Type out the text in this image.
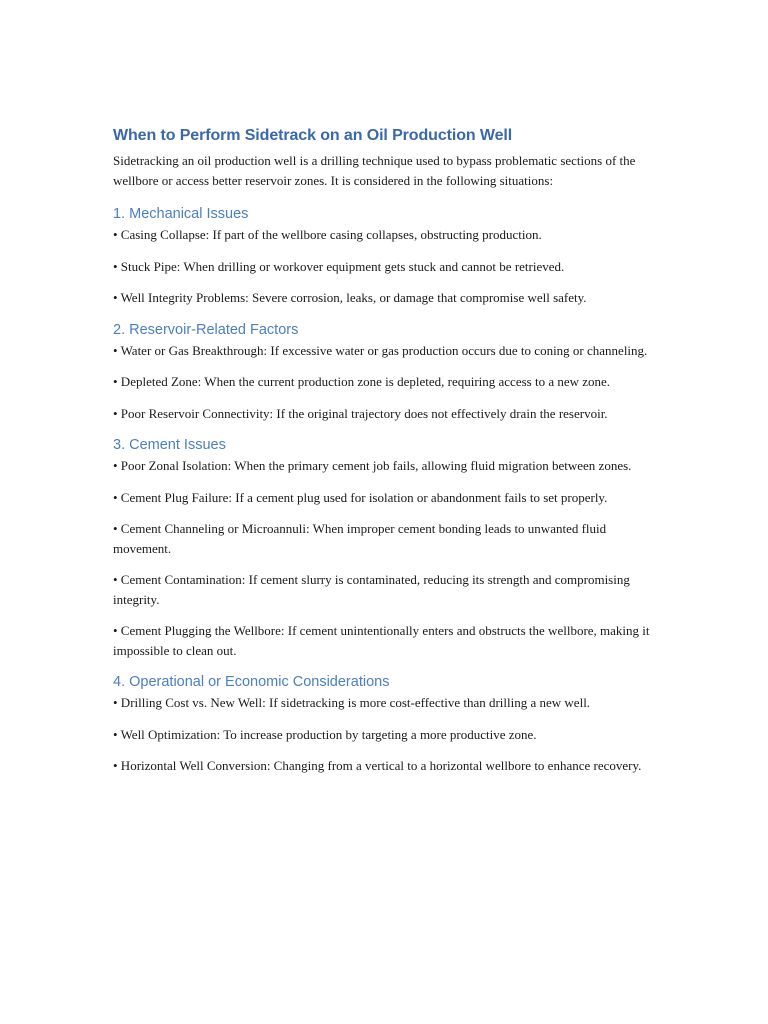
When to Perform Sidetrack on an Oil Production Well

Sidetracking an oil production well is a drilling technique used to bypass problematic sections of the wellbore or access better reservoir zones. It is considered in the following situations:

1. Mechanical Issues

• Casing Collapse: If part of the wellbore casing collapses, obstructing production.

• Stuck Pipe: When drilling or workover equipment gets stuck and cannot be retrieved.

• Well Integrity Problems: Severe corrosion, leaks, or damage that compromise well safety.

2. Reservoir-Related Factors

• Water or Gas Breakthrough: If excessive water or gas production occurs due to coning or channeling.

• Depleted Zone: When the current production zone is depleted, requiring access to a new zone.

• Poor Reservoir Connectivity: If the original trajectory does not effectively drain the reservoir.

3. Cement Issues

• Poor Zonal Isolation: When the primary cement job fails, allowing fluid migration between zones.

• Cement Plug Failure: If a cement plug used for isolation or abandonment fails to set properly.

• Cement Channeling or Microannuli: When improper cement bonding leads to unwanted fluid movement.

• Cement Contamination: If cement slurry is contaminated, reducing its strength and compromising integrity.

• Cement Plugging the Wellbore: If cement unintentionally enters and obstructs the wellbore, making it impossible to clean out.

4. Operational or Economic Considerations

• Drilling Cost vs. New Well: If sidetracking is more cost-effective than drilling a new well.

• Well Optimization: To increase production by targeting a more productive zone.

• Horizontal Well Conversion: Changing from a vertical to a horizontal wellbore to enhance recovery.
